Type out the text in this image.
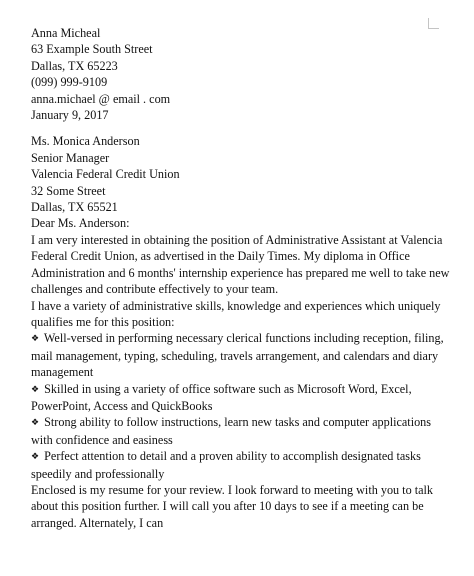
Anna Micheal

63 Example South Street

Dallas, TX 65223

(099) 999-9109

anna.michael @ email . com

January 9, 2017

Ms. Monica Anderson

Senior Manager

Valencia Federal Credit Union

32 Some Street

Dallas, TX 65521

Dear Ms. Anderson:

I am very interested in obtaining the position of Administrative Assistant at Valencia Federal Credit Union, as advertised in the Daily Times. My diploma in Office Administration and 6 months' internship experience has prepared me well to take new challenges and contribute effectively to your team.

I have a variety of administrative skills, knowledge and experiences which uniquely qualifies me for this position:

❖ Well-versed in performing necessary clerical functions including reception, filing, mail management, typing, scheduling, travels arrangement, and calendars and diary management

❖ Skilled in using a variety of office software such as Microsoft Word, Excel, PowerPoint, Access and QuickBooks

❖ Strong ability to follow instructions, learn new tasks and computer applications with confidence and easiness

❖ Perfect attention to detail and a proven ability to accomplish designated tasks speedily and professionally

Enclosed is my resume for your review. I look forward to meeting with you to talk about this position further. I will call you after 10 days to see if a meeting can be arranged. Alternately, I can
